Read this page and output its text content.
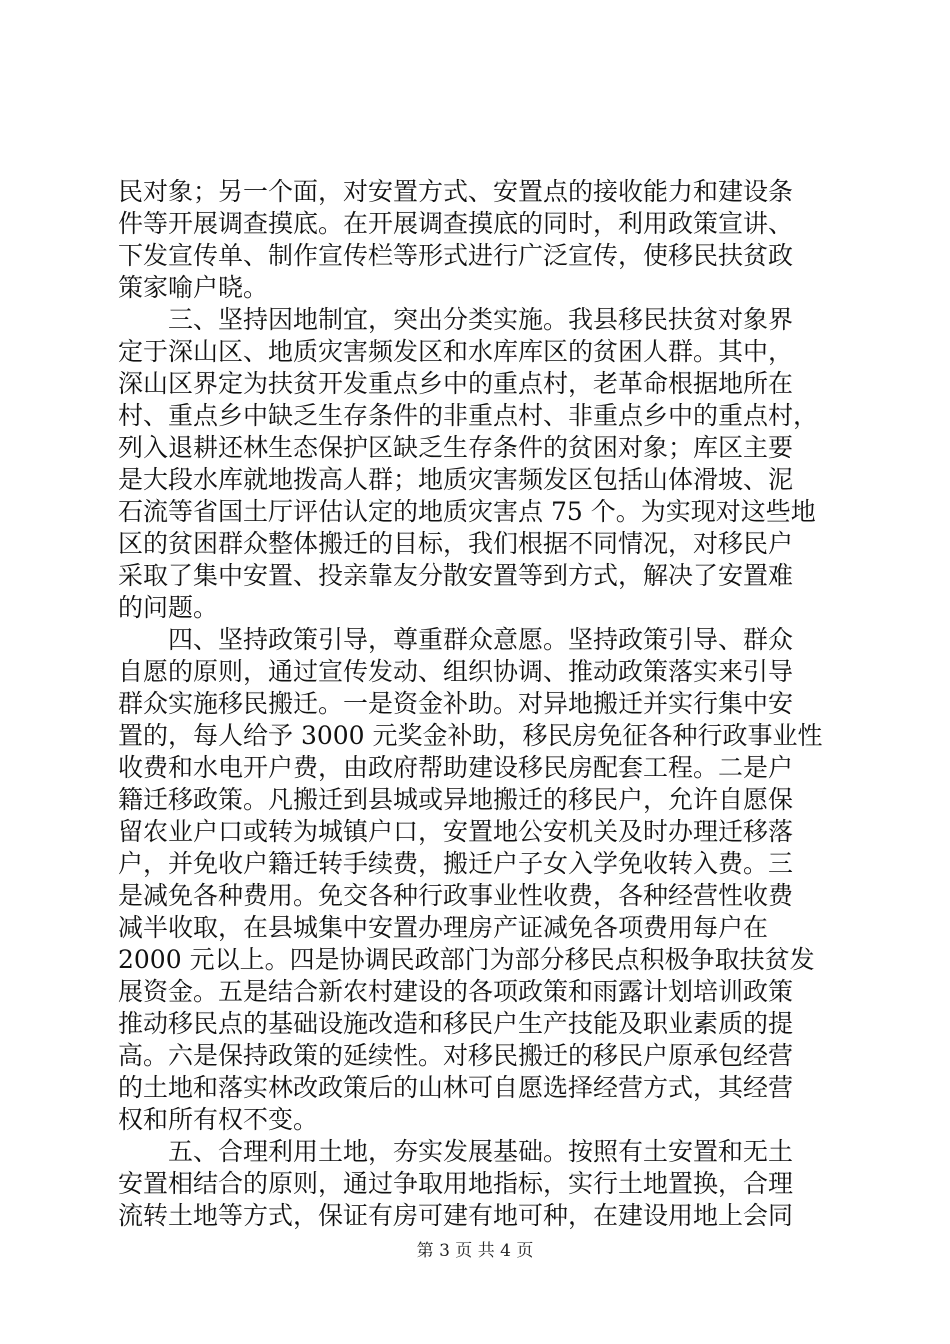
民对象；另一个面，对安置方式、安置点的接收能力和建设条
件等开展调查摸底。在开展调查摸底的同时，利用政策宣讲、
下发宣传单、制作宣传栏等形式进行广泛宣传，使移民扶贫政
策家喻户晓。
　　三、坚持因地制宜，突出分类实施。我县移民扶贫对象界
定于深山区、地质灾害频发区和水库库区的贫困人群。其中，
深山区界定为扶贫开发重点乡中的重点村，老革命根据地所在
村、重点乡中缺乏生存条件的非重点村、非重点乡中的重点村，
列入退耕还林生态保护区缺乏生存条件的贫困对象；库区主要
是大段水库就地拨高人群；地质灾害频发区包括山体滑坡、泥
石流等省国土厅评估认定的地质灾害点 75 个。为实现对这些地
区的贫困群众整体搬迁的目标，我们根据不同情况，对移民户
采取了集中安置、投亲靠友分散安置等到方式，解决了安置难
的问题。
　　四、坚持政策引导，尊重群众意愿。坚持政策引导、群众
自愿的原则，通过宣传发动、组织协调、推动政策落实来引导
群众实施移民搬迁。一是资金补助。对异地搬迁并实行集中安
置的，每人给予 3000 元奖金补助，移民房免征各种行政事业性
收费和水电开户费，由政府帮助建设移民房配套工程。二是户
籍迁移政策。凡搬迁到县城或异地搬迁的移民户，允许自愿保
留农业户口或转为城镇户口，安置地公安机关及时办理迁移落
户，并免收户籍迁转手续费，搬迁户子女入学免收转入费。三
是减免各种费用。免交各种行政事业性收费，各种经营性收费
减半收取，在县城集中安置办理房产证减免各项费用每户在
2000 元以上。四是协调民政部门为部分移民点积极争取扶贫发
展资金。五是结合新农村建设的各项政策和雨露计划培训政策
推动移民点的基础设施改造和移民户生产技能及职业素质的提
高。六是保持政策的延续性。对移民搬迁的移民户原承包经营
的土地和落实林改政策后的山林可自愿选择经营方式，其经营
权和所有权不变。
　　五、合理利用土地，夯实发展基础。按照有土安置和无土
安置相结合的原则，通过争取用地指标，实行土地置换，合理
流转土地等方式，保证有房可建有地可种，在建设用地上会同
第 3 页 共 4 页
